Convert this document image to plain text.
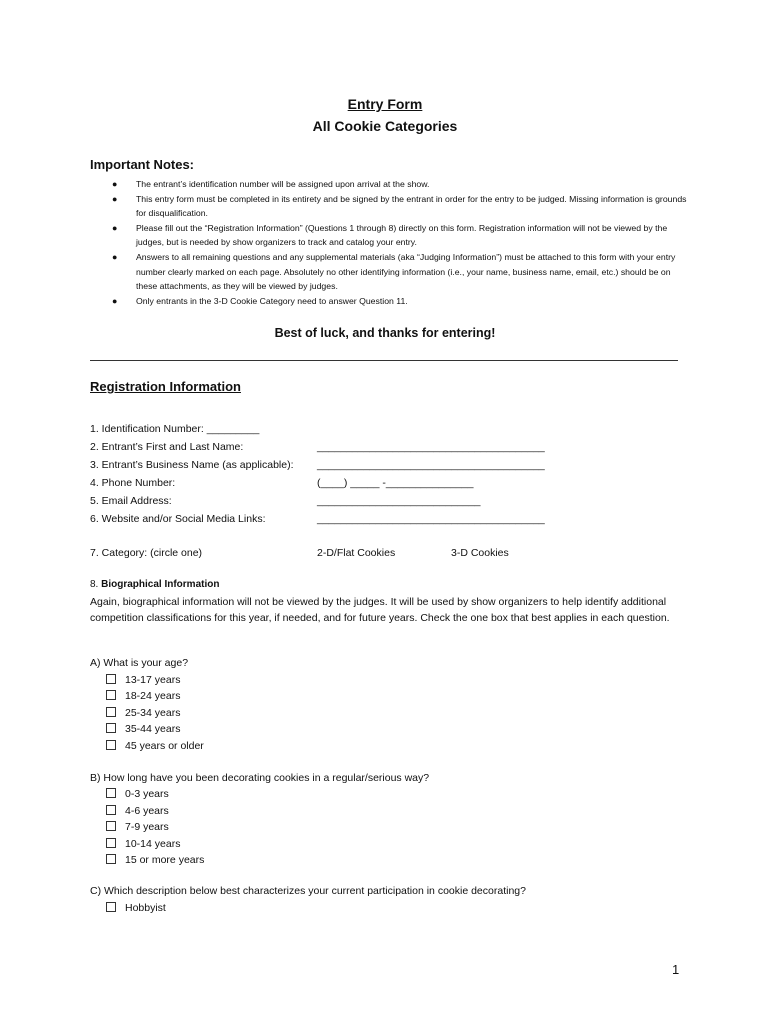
Entry Form
All Cookie Categories
Important Notes:
● The entrant’s identification number will be assigned upon arrival at the show.
● This entry form must be completed in its entirety and be signed by the entrant in order for the entry to be judged. Missing information is grounds for disqualification.
● Please fill out the “Registration Information” (Questions 1 through 8) directly on this form. Registration information will not be viewed by the judges, but is needed by show organizers to track and catalog your entry.
● Answers to all remaining questions and any supplemental materials (aka “Judging Information”) must be attached to this form with your entry number clearly marked on each page. Absolutely no other identifying information (i.e., your name, business name, email, etc.) should be on these attachments, as they will be viewed by judges.
● Only entrants in the 3-D Cookie Category need to answer Question 11.
Best of luck, and thanks for entering!
Registration Information
1. Identification Number: _________
2. Entrant’s First and Last Name:	_______________________________________
3. Entrant’s Business Name (as applicable): _______________________________________
4. Phone Number:	(____) _____ -_______________
5. Email Address:	____________________________
6. Website and/or Social Media Links:	_______________________________________
7. Category: (circle one)	2-D/Flat Cookies	3-D Cookies
8. Biographical Information
Again, biographical information will not be viewed by the judges. It will be used by show organizers to help identify additional competition classifications for this year, if needed, and for future years. Check the one box that best applies in each question.
A) What is your age?
13-17 years
18-24 years
25-34 years
35-44 years
45 years or older
B) How long have you been decorating cookies in a regular/serious way?
0-3 years
4-6 years
7-9 years
10-14 years
15 or more years
C) Which description below best characterizes your current participation in cookie decorating?
Hobbyist
1
